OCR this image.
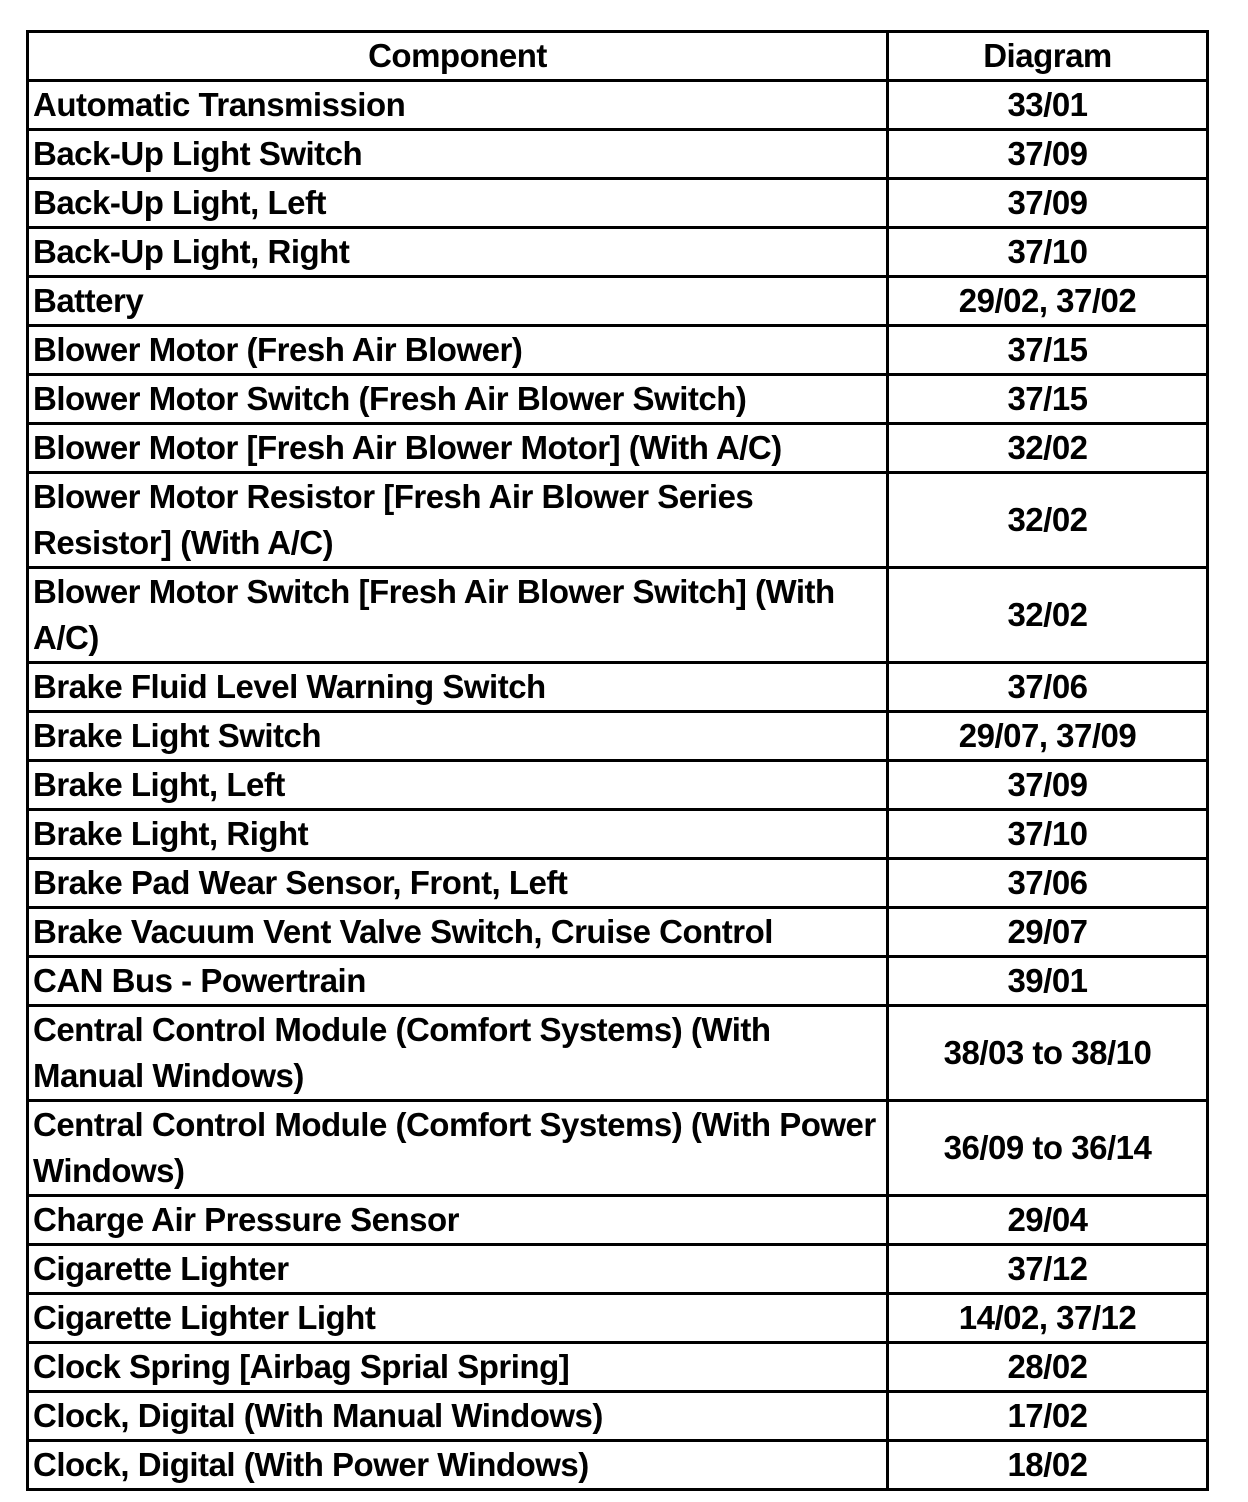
Component	Diagram
Automatic Transmission	33/01
Back-Up Light Switch	37/09
Back-Up Light, Left	37/09
Back-Up Light, Right	37/10
Battery	29/02, 37/02
Blower Motor (Fresh Air Blower)	37/15
Blower Motor Switch (Fresh Air Blower Switch)	37/15
Blower Motor [Fresh Air Blower Motor] (With A/C)	32/02
Blower Motor Resistor [Fresh Air Blower Series Resistor] (With A/C)	32/02
Blower Motor Switch [Fresh Air Blower Switch] (With A/C)	32/02
Brake Fluid Level Warning Switch	37/06
Brake Light Switch	29/07, 37/09
Brake Light, Left	37/09
Brake Light, Right	37/10
Brake Pad Wear Sensor, Front, Left	37/06
Brake Vacuum Vent Valve Switch, Cruise Control	29/07
CAN Bus - Powertrain	39/01
Central Control Module (Comfort Systems) (With Manual Windows)	38/03 to 38/10
Central Control Module (Comfort Systems) (With Power Windows)	36/09 to 36/14
Charge Air Pressure Sensor	29/04
Cigarette Lighter	37/12
Cigarette Lighter Light	14/02, 37/12
Clock Spring [Airbag Sprial Spring]	28/02
Clock, Digital (With Manual Windows)	17/02
Clock, Digital (With Power Windows)	18/02
